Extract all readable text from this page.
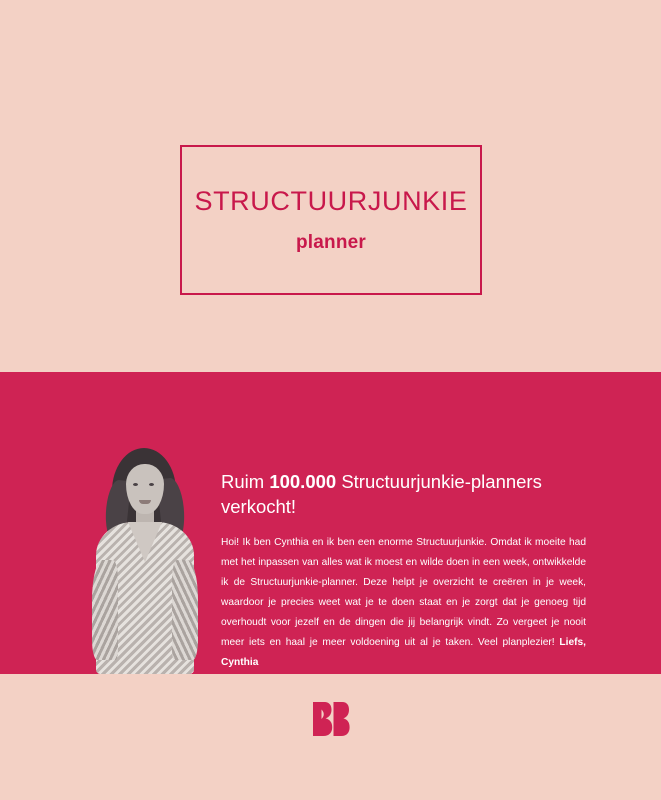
STRUCTUURJUNKIE
planner
Ruim 100.000 Structuurjunkie-planners verkocht!

Hoi! Ik ben Cynthia en ik ben een enorme Structuurjunkie. Omdat ik moeite had met het inpassen van alles wat ik moest en wilde doen in een week, ontwikkelde ik de Structuurjunkie-planner. Deze helpt je overzicht te creëren in je week, waardoor je precies weet wat je te doen staat en je zorgt dat je genoeg tijd overhoudt voor jezelf en de dingen die jij belangrijk vindt. Zo vergeet je nooit meer iets en haal je meer voldoening uit al je taken. Veel planplezier! Liefs, Cynthia
